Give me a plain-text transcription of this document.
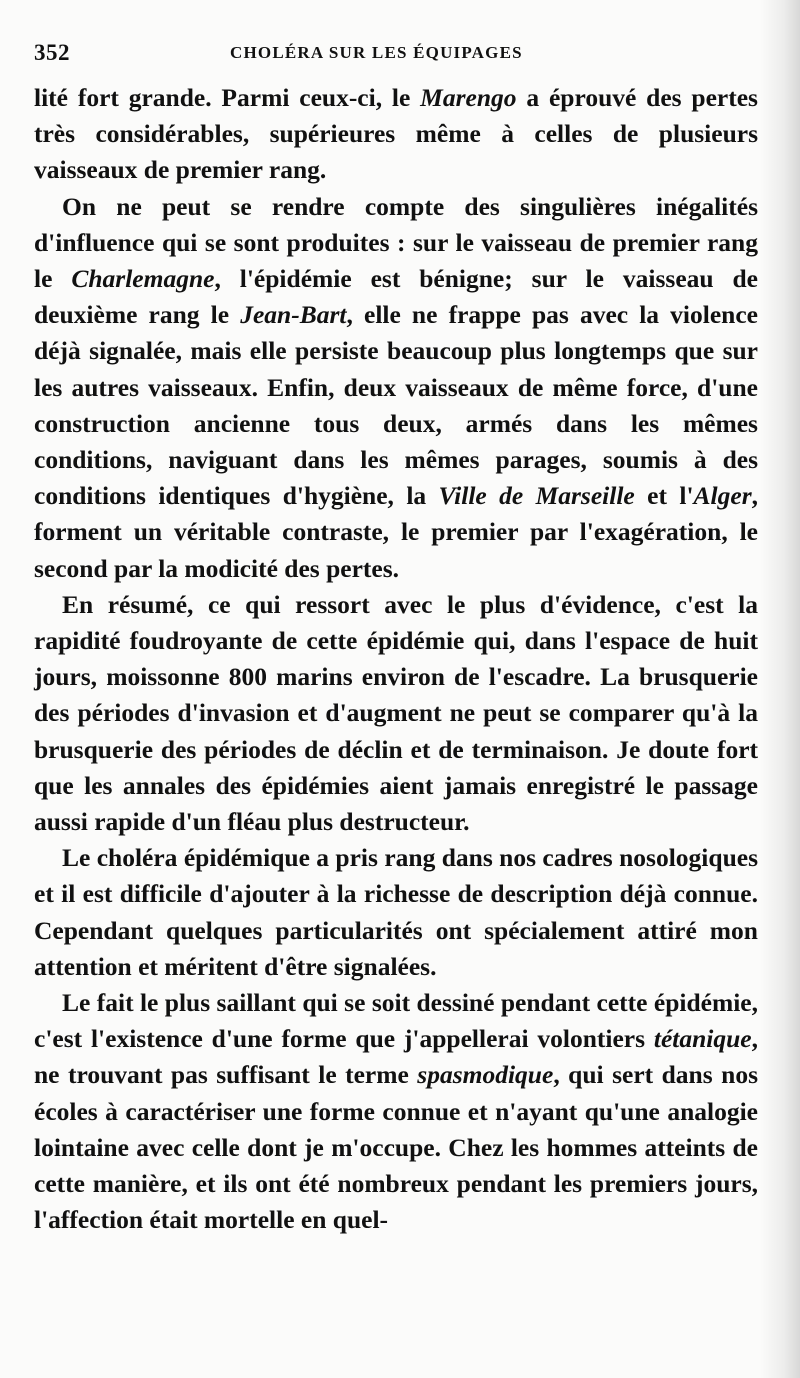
352	CHOLÉRA SUR LES ÉQUIPAGES

lité fort grande. Parmi ceux-ci, le Marengo a éprouvé des pertes très considérables, supérieures même à celles de plusieurs vaisseaux de premier rang.

On ne peut se rendre compte des singulières inégalités d'influence qui se sont produites : sur le vaisseau de premier rang le Charlemagne, l'épidémie est bénigne; sur le vaisseau de deuxième rang le Jean-Bart, elle ne frappe pas avec la violence déjà signalée, mais elle persiste beaucoup plus longtemps que sur les autres vaisseaux. Enfin, deux vaisseaux de même force, d'une construction ancienne tous deux, armés dans les mêmes conditions, naviguant dans les mêmes parages, soumis à des conditions identiques d'hygiène, la Ville de Marseille et l'Alger, forment un véritable contraste, le premier par l'exagération, le second par la modicité des pertes.

En résumé, ce qui ressort avec le plus d'évidence, c'est la rapidité foudroyante de cette épidémie qui, dans l'espace de huit jours, moissonne 800 marins environ de l'escadre. La brusquerie des périodes d'invasion et d'augment ne peut se comparer qu'à la brusquerie des périodes de déclin et de terminaison. Je doute fort que les annales des épidémies aient jamais enregistré le passage aussi rapide d'un fléau plus destructeur.

Le choléra épidémique a pris rang dans nos cadres nosologiques et il est difficile d'ajouter à la richesse de description déjà connue. Cependant quelques particularités ont spécialement attiré mon attention et méritent d'être signalées.

Le fait le plus saillant qui se soit dessiné pendant cette épidémie, c'est l'existence d'une forme que j'appellerai volontiers tétanique, ne trouvant pas suffisant le terme spasmodique, qui sert dans nos écoles à caractériser une forme connue et n'ayant qu'une analogie lointaine avec celle dont je m'occupe. Chez les hommes atteints de cette manière, et ils ont été nombreux pendant les premiers jours, l'affection était mortelle en quel-
